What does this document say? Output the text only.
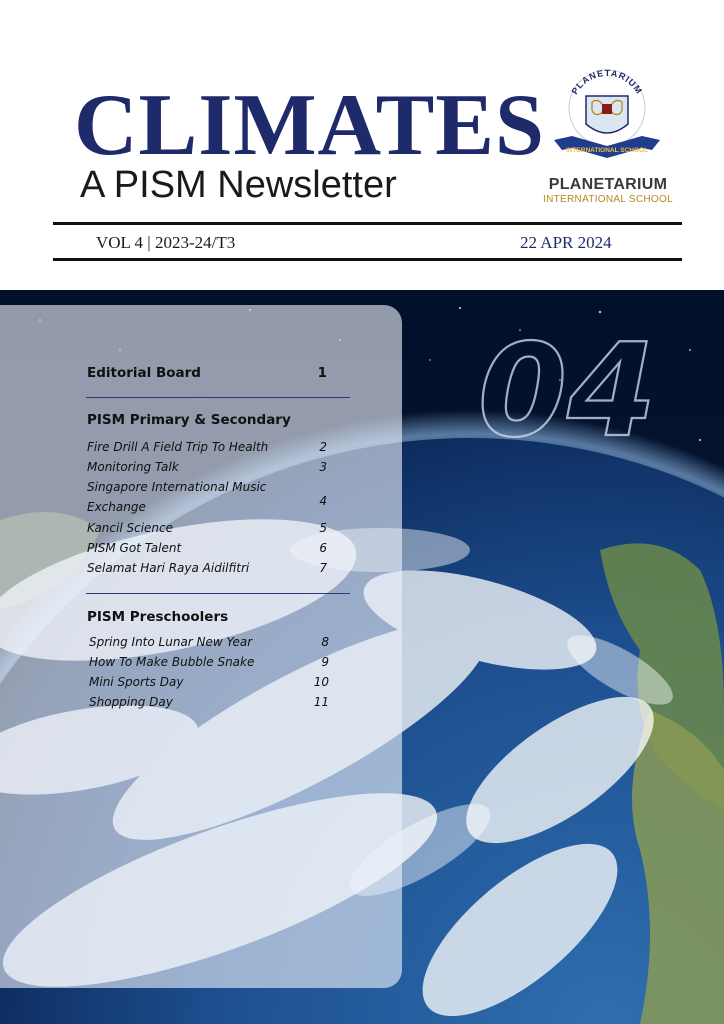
CLIMATES
A PISM Newsletter
PLANETARIUM
INTERNATIONAL SCHOOL
PLANETARIUM
INTERNATIONAL SCHOOL
VOL 4 | 2023-24/T3	22 APR 2024
04
Editorial Board	1
PISM Primary & Secondary
Fire Drill A Field Trip To Health	2
Monitoring Talk	3
Singapore International Music Exchange	4
Kancil Science	5
PISM Got Talent	6
Selamat Hari Raya Aidilfitri	7
PISM Preschoolers
Spring Into Lunar New Year	8
How To Make Bubble Snake	9
Mini Sports Day	10
Shopping Day	11
